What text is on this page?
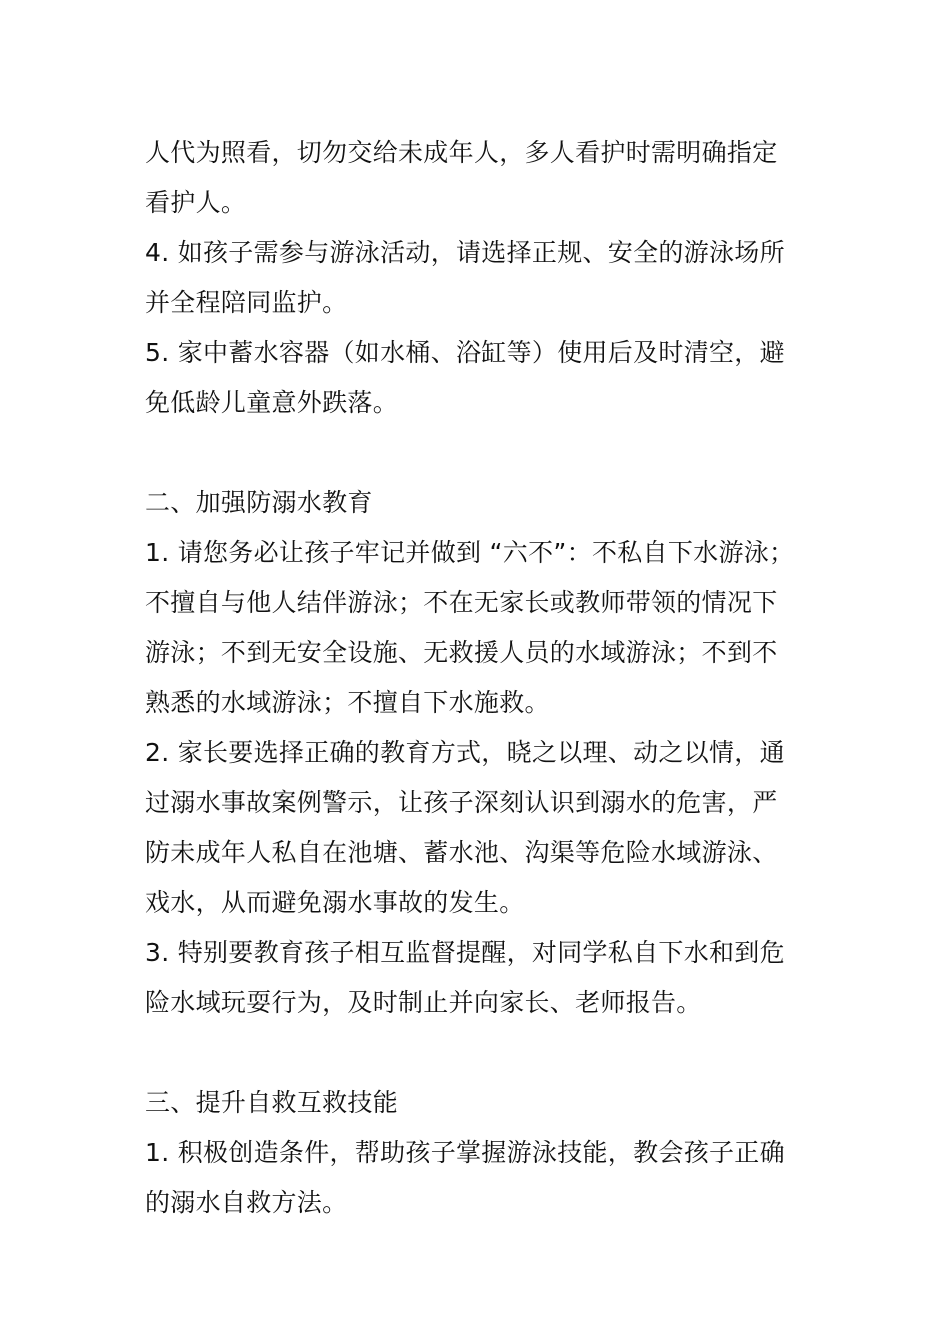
人代为照看，切勿交给未成年人，多人看护时需明确指定
看护人。
4. 如孩子需参与游泳活动，请选择正规、安全的游泳场所
并全程陪同监护。
5. 家中蓄水容器（如水桶、浴缸等）使用后及时清空，避
免低龄儿童意外跌落。
二、加强防溺水教育
1. 请您务必让孩子牢记并做到 “六不”：不私自下水游泳；
不擅自与他人结伴游泳；不在无家长或教师带领的情况下
游泳；不到无安全设施、无救援人员的水域游泳；不到不
熟悉的水域游泳；不擅自下水施救。
2. 家长要选择正确的教育方式，晓之以理、动之以情，通
过溺水事故案例警示，让孩子深刻认识到溺水的危害，严
防未成年人私自在池塘、蓄水池、沟渠等危险水域游泳、
戏水，从而避免溺水事故的发生。
3. 特别要教育孩子相互监督提醒，对同学私自下水和到危
险水域玩耍行为，及时制止并向家长、老师报告。
三、提升自救互救技能
1. 积极创造条件，帮助孩子掌握游泳技能，教会孩子正确
的溺水自救方法。
